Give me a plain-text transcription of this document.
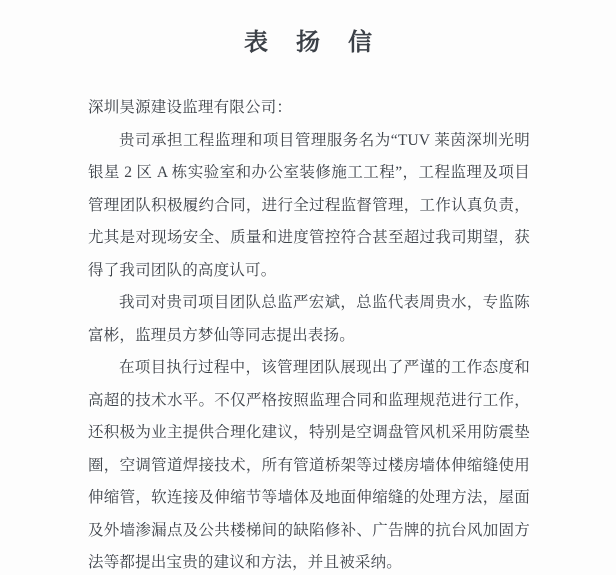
表 扬 信

深圳昊源建设监理有限公司：

贵司承担工程监理和项目管理服务名为“TUV 莱茵深圳光明银星 2 区 A 栋实验室和办公室装修施工工程”，工程监理及项目管理团队积极履约合同，进行全过程监督管理，工作认真负责，尤其是对现场安全、质量和进度管控符合甚至超过我司期望，获得了我司团队的高度认可。

我司对贵司项目团队总监严宏斌，总监代表周贵水，专监陈富彬，监理员方梦仙等同志提出表扬。

在项目执行过程中，该管理团队展现出了严谨的工作态度和高超的技术水平。不仅严格按照监理合同和监理规范进行工作，还积极为业主提供合理化建议，特别是空调盘管风机采用防震垫圈，空调管道焊接技术，所有管道桥架等过楼房墙体伸缩缝使用伸缩管，软连接及伸缩节等墙体及地面伸缩缝的处理方法，屋面及外墙渗漏点及公共楼梯间的缺陷修补、广告牌的抗台风加固方法等都提出宝贵的建议和方法，并且被采纳。
